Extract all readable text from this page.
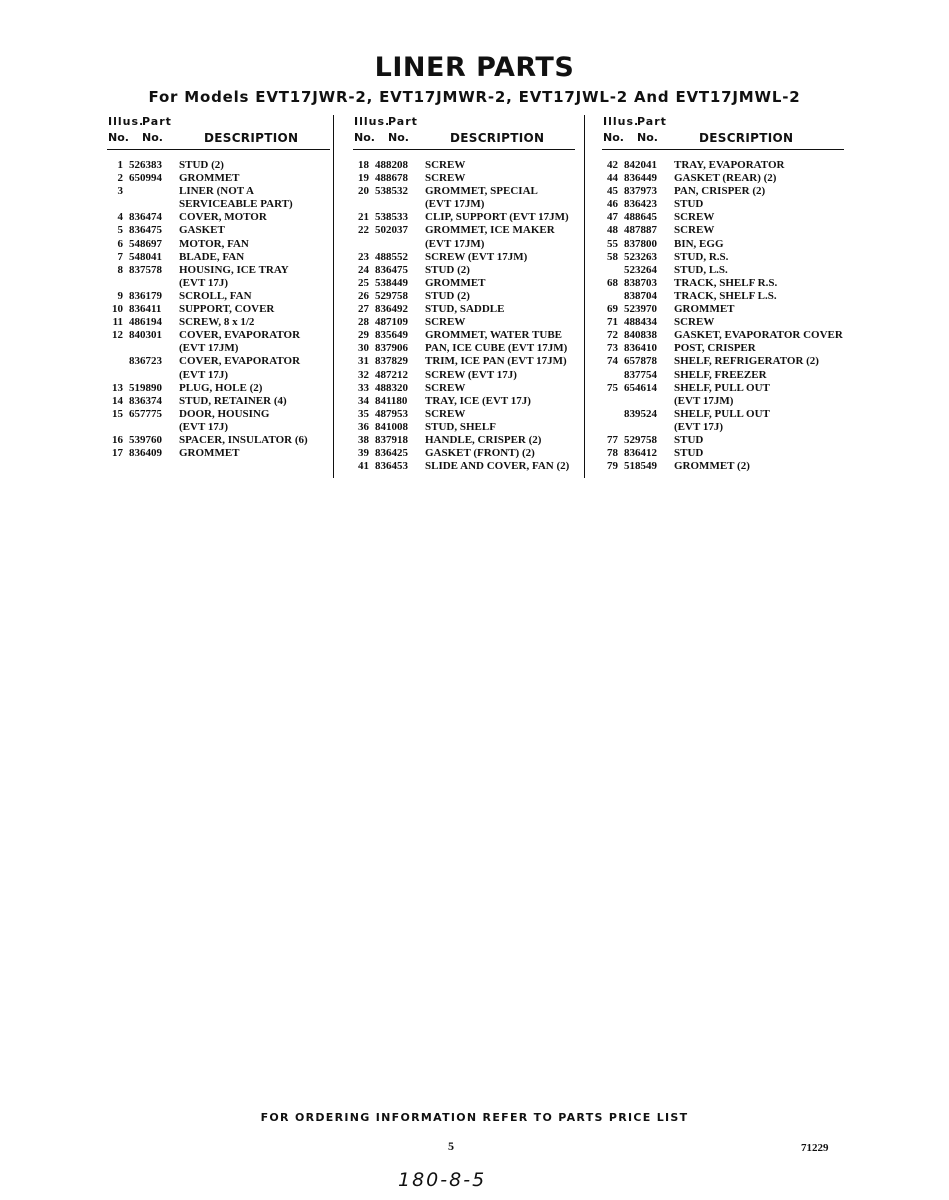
LINER PARTS
For Models EVT17JWR-2, EVT17JMWR-2, EVT17JWL-2 And EVT17JMWL-2
Illus.
Part
No. No.	DESCRIPTION
1 526383 STUD (2)
2 650994 GROMMET
3	LINER (NOT A
SERVICEABLE PART)
4 836474 COVER, MOTOR
5 836475 GASKET
6 548697 MOTOR, FAN
7 548041 BLADE, FAN
8 837578 HOUSING, ICE TRAY
(EVT 17J)
9 836179 SCROLL, FAN
10 836411 SUPPORT, COVER
11 486194 SCREW, 8 x 1/2
12 840301 COVER, EVAPORATOR
(EVT 17JM)
836723 COVER, EVAPORATOR
(EVT 17J)
13 519890 PLUG, HOLE (2)
14 836374 STUD, RETAINER (4)
15 657775 DOOR, HOUSING
(EVT 17J)
16 539760 SPACER, INSULATOR (6)
17 836409 GROMMET
Illus.
Part
No. No.	DESCRIPTION
18 488208 SCREW
19 488678 SCREW
20 538532 GROMMET, SPECIAL
(EVT 17JM)
21 538533 CLIP, SUPPORT (EVT 17JM)
22 502037 GROMMET, ICE MAKER
(EVT 17JM)
23 488552 SCREW (EVT 17JM)
24 836475 STUD (2)
25 538449 GROMMET
26 529758 STUD (2)
27 836492 STUD, SADDLE
28 487109 SCREW
29 835649 GROMMET, WATER TUBE
30 837906 PAN, ICE CUBE (EVT 17JM)
31 837829 TRIM, ICE PAN (EVT 17JM)
32 487212 SCREW (EVT 17J)
33 488320 SCREW
34 841180 TRAY, ICE (EVT 17J)
35 487953 SCREW
36 841008 STUD, SHELF
38 837918 HANDLE, CRISPER (2)
39 836425 GASKET (FRONT) (2)
41 836453 SLIDE AND COVER, FAN (2)
Illus.
Part
No. No.	DESCRIPTION
42 842041 TRAY, EVAPORATOR
44 836449 GASKET (REAR) (2)
45 837973 PAN, CRISPER (2)
46 836423 STUD
47 488645 SCREW
48 487887 SCREW
55 837800 BIN, EGG
58 523263 STUD, R.S.
523264 STUD, L.S.
68 838703 TRACK, SHELF R.S.
838704 TRACK, SHELF L.S.
69 523970 GROMMET
71 488434 SCREW
72 840838 GASKET, EVAPORATOR COVER
73 836410 POST, CRISPER
74 657878 SHELF, REFRIGERATOR (2)
837754 SHELF, FREEZER
75 654614 SHELF, PULL OUT
(EVT 17JM)
839524 SHELF, PULL OUT
(EVT 17J)
77 529758 STUD
78 836412 STUD
79 518549 GROMMET (2)

FOR ORDERING INFORMATION REFER TO PARTS PRICE LIST

5	71229
180-8-5
